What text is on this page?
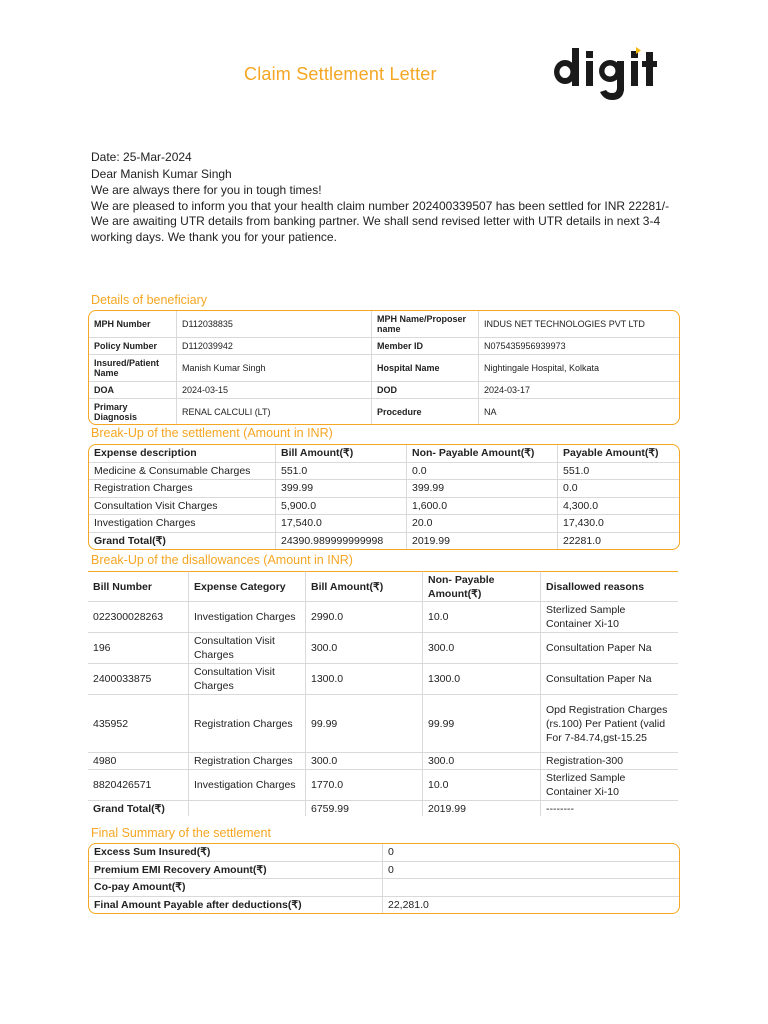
Claim Settlement Letter
digit
Date: 25-Mar-2024
Dear Manish Kumar Singh
We are always there for you in tough times!
We are pleased to inform you that your health claim number 202400339507 has been settled for INR 22281/-
We are awaiting UTR details from banking partner. We shall send revised letter with UTR details in next 3-4 working days. We thank you for your patience.
Details of beneficiary
MPH Number	D112038835	MPH Name/Proposer name	INDUS NET TECHNOLOGIES PVT LTD
Policy Number	D112039942	Member ID	N075435956939973
Insured/Patient Name	Manish Kumar Singh	Hospital Name	Nightingale Hospital, Kolkata
DOA	2024-03-15	DOD	2024-03-17
Primary Diagnosis	RENAL CALCULI (LT)	Procedure	NA
Break-Up of the settlement (Amount in INR)
Expense description	Bill Amount(₹)	Non- Payable Amount(₹)	Payable Amount(₹)
Medicine & Consumable Charges	551.0	0.0	551.0
Registration Charges	399.99	399.99	0.0
Consultation Visit Charges	5,900.0	1,600.0	4,300.0
Investigation Charges	17,540.0	20.0	17,430.0
Grand Total(₹)	24390.989999999998	2019.99	22281.0
Break-Up of the disallowances (Amount in INR)
Bill Number	Expense Category	Bill Amount(₹)	Non- Payable Amount(₹)	Disallowed reasons
022300028263	Investigation Charges	2990.0	10.0	Sterlized Sample Container Xi-10
196	Consultation Visit Charges	300.0	300.0	Consultation Paper Na
2400033875	Consultation Visit Charges	1300.0	1300.0	Consultation Paper Na
435952	Registration Charges	99.99	99.99	Opd Registration Charges (rs.100) Per Patient (valid For 7-84.74,gst-15.25
4980	Registration Charges	300.0	300.0	Registration-300
8820426571	Investigation Charges	1770.0	10.0	Sterlized Sample Container Xi-10
Grand Total(₹)		6759.99	2019.99	--------
Final Summary of the settlement
Excess Sum Insured(₹)	0
Premium EMI Recovery Amount(₹)	0
Co-pay Amount(₹)	
Final Amount Payable after deductions(₹)	22,281.0
